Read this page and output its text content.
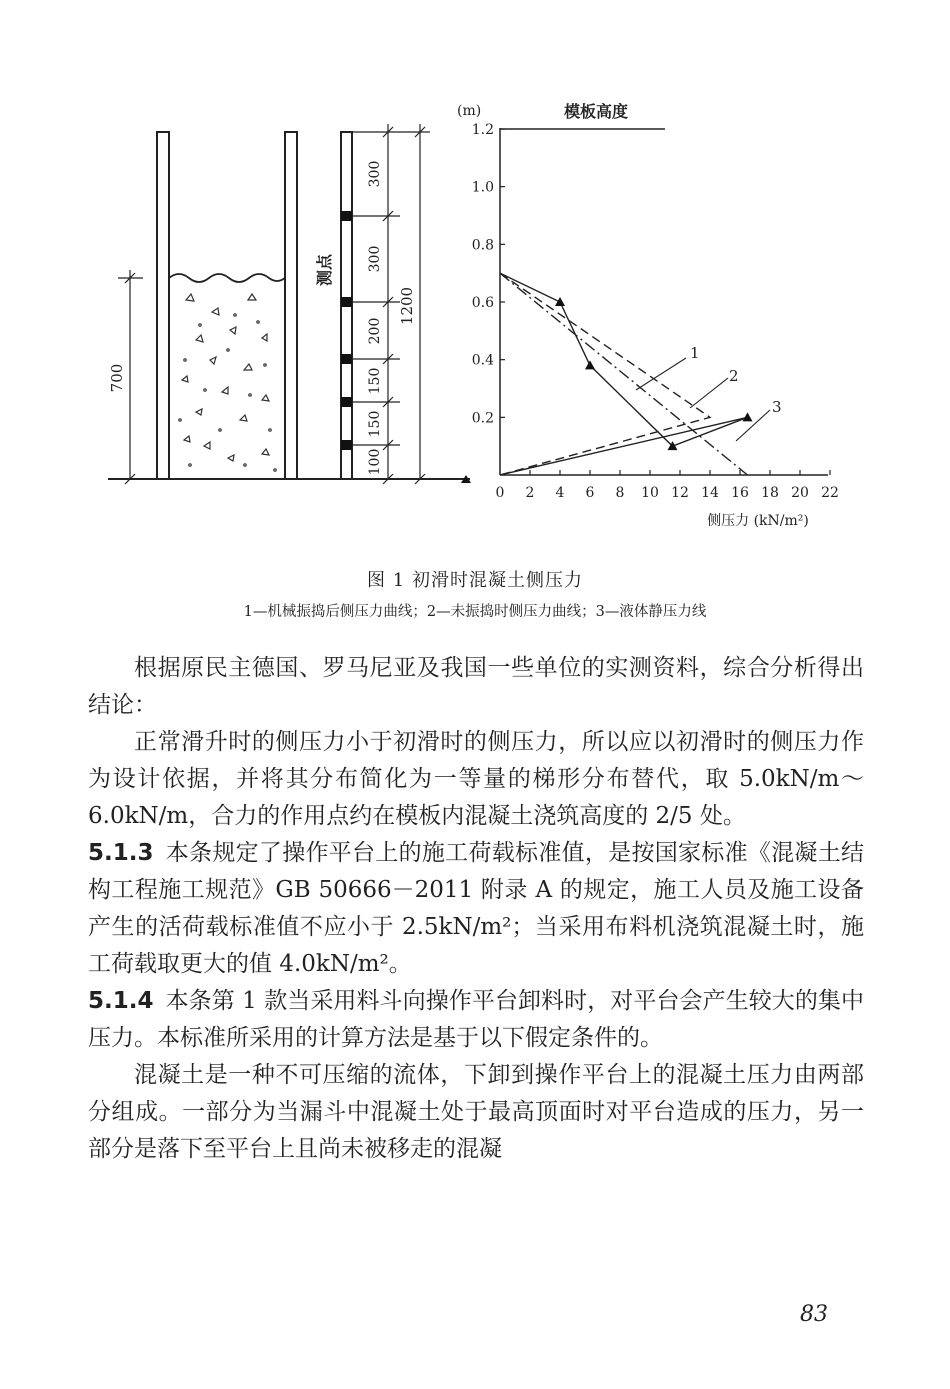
700
300
300
200
150
150
100
1200
测点
(m)	模板高度
侧压力 (kN/m²)
0 2 4 6 8 10 12 14 16 18 20 22
0.2
0.4
0.6
0.8
1.0
1.2
1
2
3
图 1 初滑时混凝土侧压力
1—机械振捣后侧压力曲线；2—未振捣时侧压力曲线；3—液体静压力线

根据原民主德国、罗马尼亚及我国一些单位的实测资料，综合分析得出结论：

正常滑升时的侧压力小于初滑时的侧压力，所以应以初滑时的侧压力作为设计依据，并将其分布简化为一等量的梯形分布替代，取 5.0kN/m～6.0kN/m，合力的作用点约在模板内混凝土浇筑高度的 2/5 处。

5.1.3 本条规定了操作平台上的施工荷载标准值，是按国家标准《混凝土结构工程施工规范》GB 50666－2011 附录 A 的规定，施工人员及施工设备产生的活荷载标准值不应小于 2.5kN/m²；当采用布料机浇筑混凝土时，施工荷载取更大的值 4.0kN/m²。

5.1.4 本条第 1 款当采用料斗向操作平台卸料时，对平台会产生较大的集中压力。本标准所采用的计算方法是基于以下假定条件的。

混凝土是一种不可压缩的流体，下卸到操作平台上的混凝土压力由两部分组成。一部分为当漏斗中混凝土处于最高顶面时对平台造成的压力，另一部分是落下至平台上且尚未被移走的混凝

83
